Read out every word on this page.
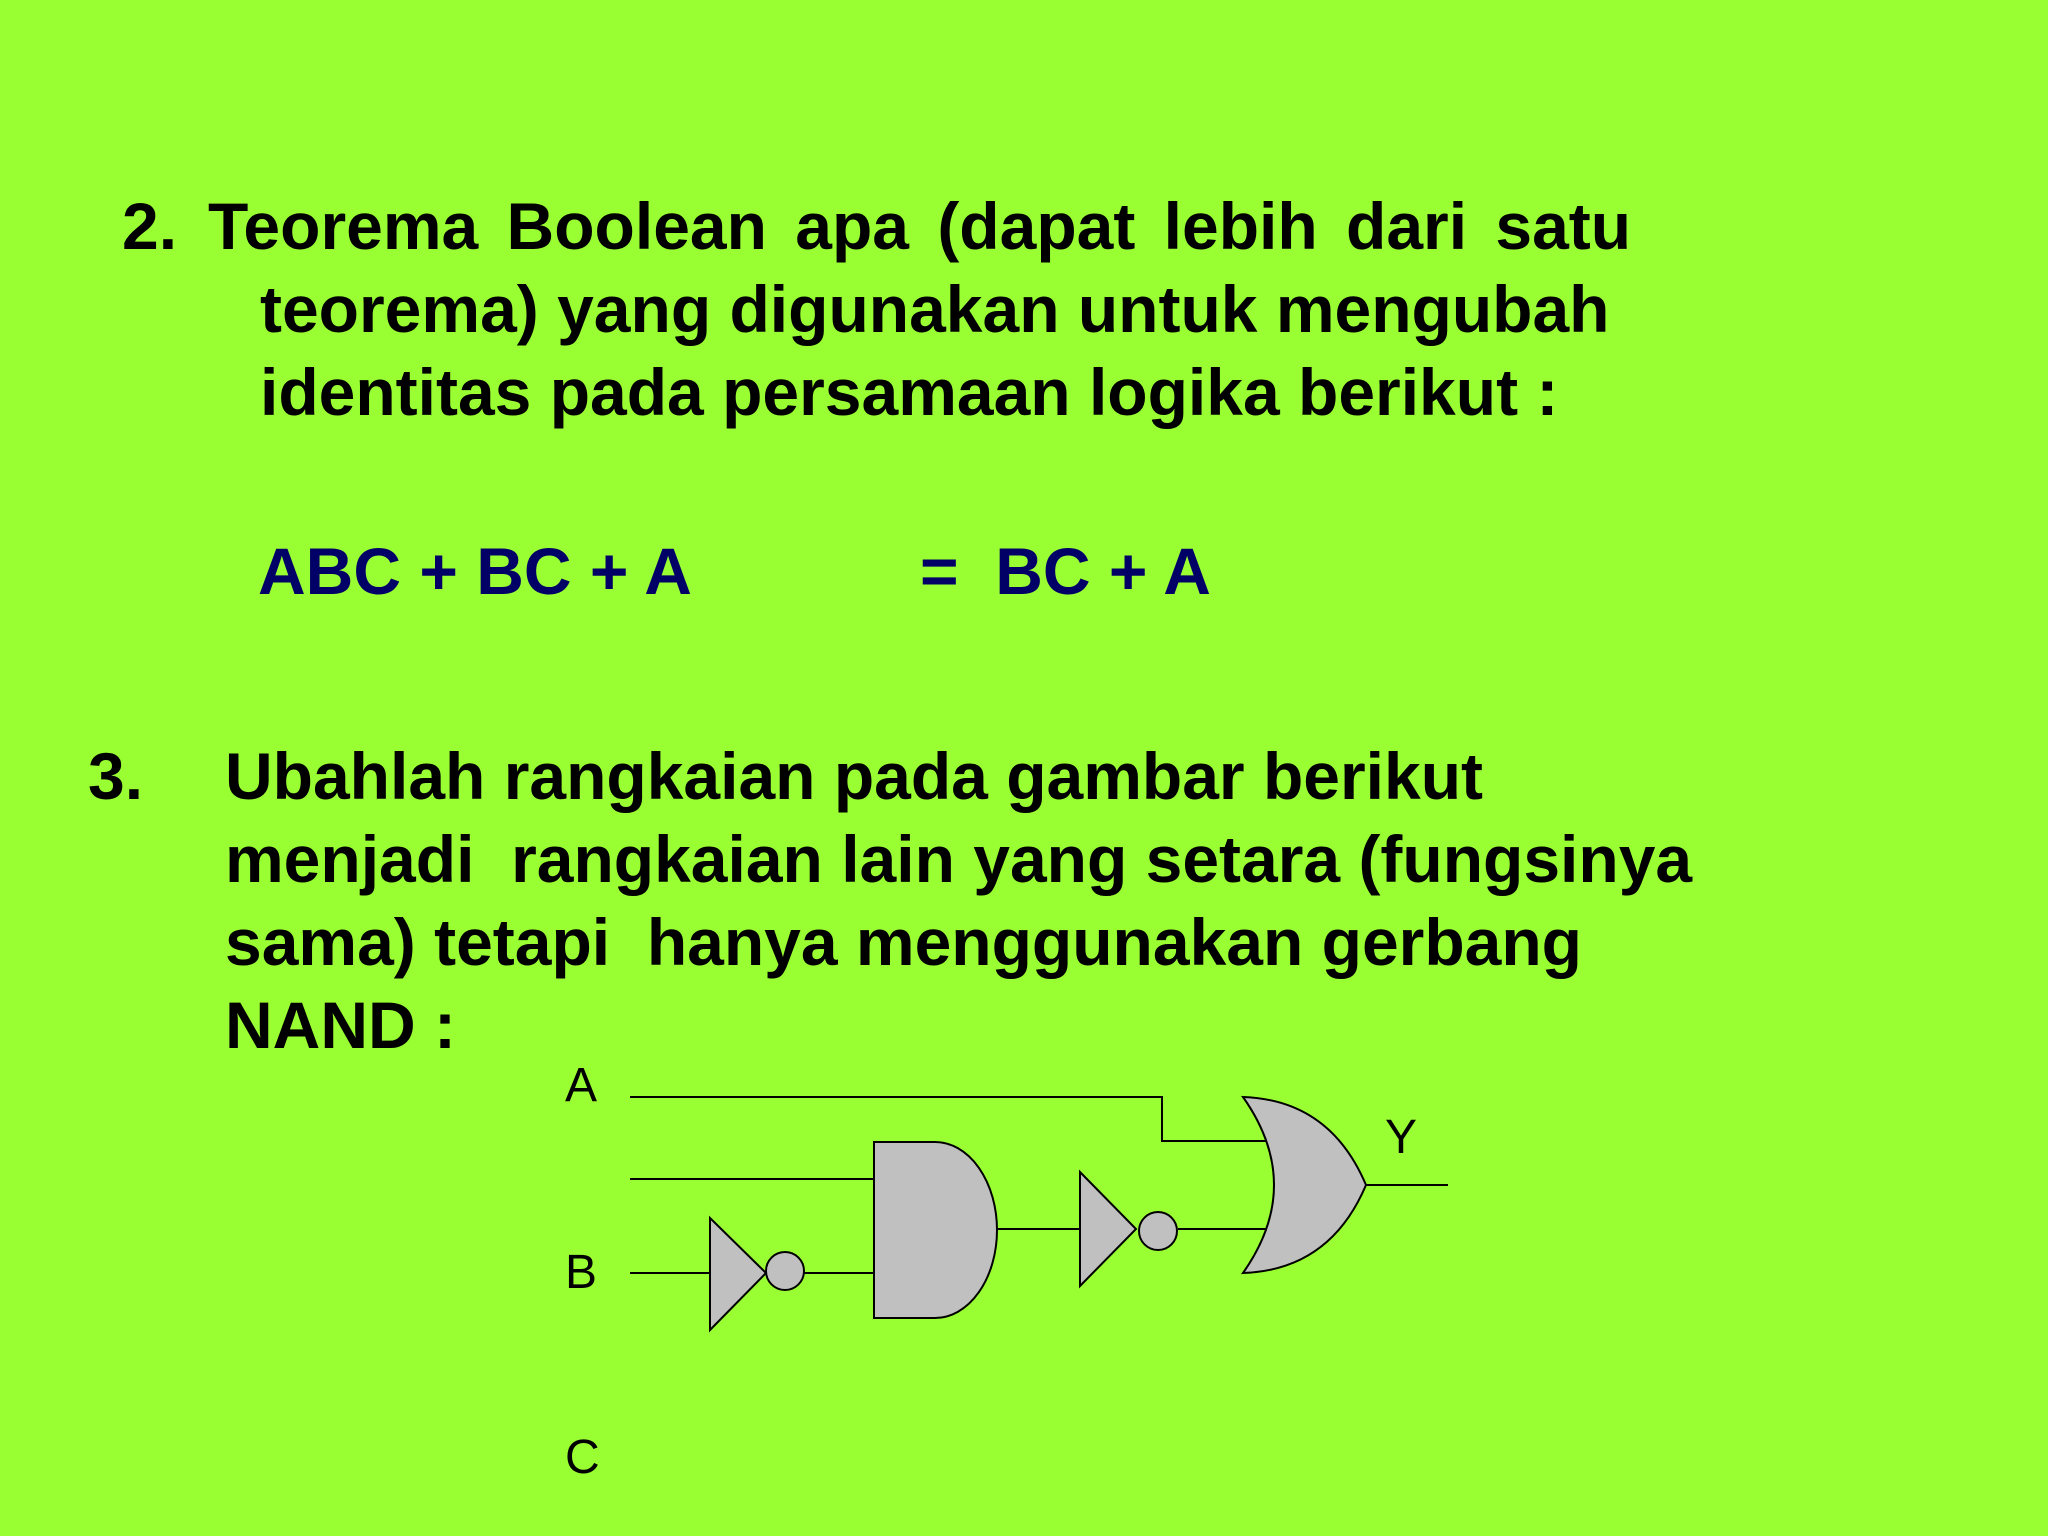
2. Teorema Boolean apa (dapat lebih dari satu
teorema) yang digunakan untuk mengubah
identitas pada persamaan logika berikut :
ABC + BC + A	=  BC + A
3. Ubahlah rangkaian pada gambar berikut
menjadi  rangkaian lain yang setara (fungsinya
sama) tetapi  hanya menggunakan gerbang
NAND :
A
B
C
Y
